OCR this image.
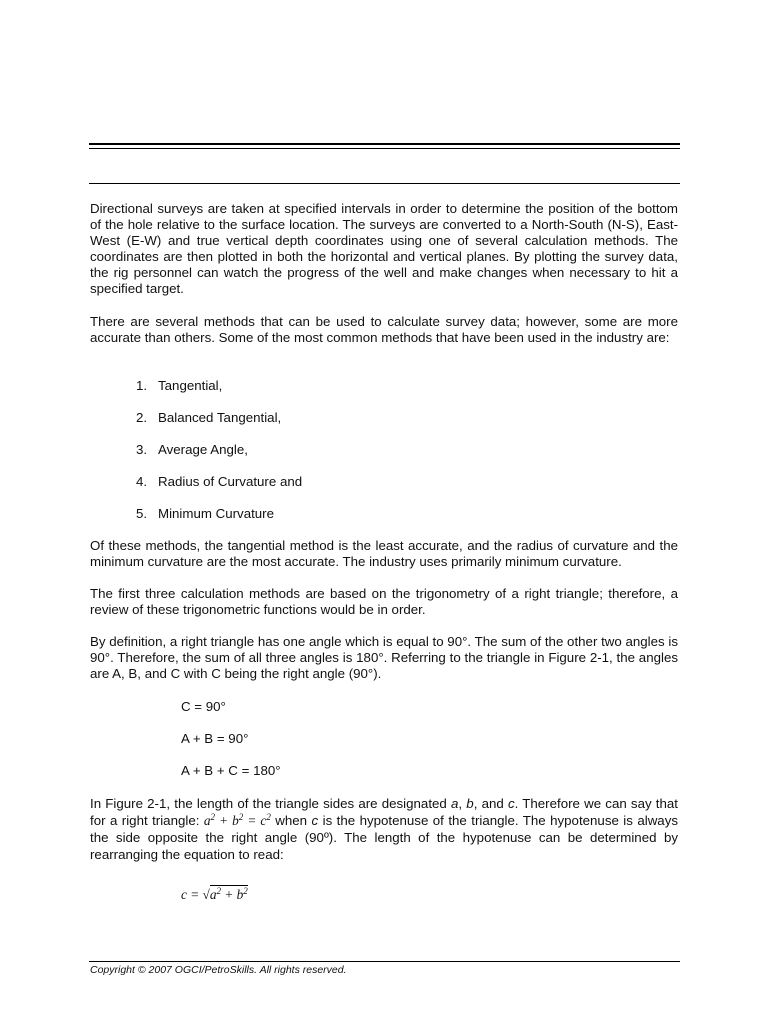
Directional surveys are taken at specified intervals in order to determine the position of the bottom of the hole relative to the surface location. The surveys are converted to a North-South (N-S), East-West (E-W) and true vertical depth coordinates using one of several calculation methods. The coordinates are then plotted in both the horizontal and vertical planes. By plotting the survey data, the rig personnel can watch the progress of the well and make changes when necessary to hit a specified target.

There are several methods that can be used to calculate survey data; however, some are more accurate than others. Some of the most common methods that have been used in the industry are:

1. Tangential,
2. Balanced Tangential,
3. Average Angle,
4. Radius of Curvature and
5. Minimum Curvature

Of these methods, the tangential method is the least accurate, and the radius of curvature and the minimum curvature are the most accurate. The industry uses primarily minimum curvature.

The first three calculation methods are based on the trigonometry of a right triangle; therefore, a review of these trigonometric functions would be in order.

By definition, a right triangle has one angle which is equal to 90°. The sum of the other two angles is 90°. Therefore, the sum of all three angles is 180°. Referring to the triangle in Figure 2-1, the angles are A, B, and C with C being the right angle (90°).

C = 90°
A + B = 90°
A + B + C = 180°

In Figure 2-1, the length of the triangle sides are designated a, b, and c. Therefore we can say that for a right triangle: $a^2 + b^2 = c^2$ when c is the hypotenuse of the triangle. The hypotenuse is always the side opposite the right angle (90º). The length of the hypotenuse can be determined by rearranging the equation to read:

$c = √a^2 + b^2$
Copyright © 2007 OGCI/PetroSkills. All rights reserved.
